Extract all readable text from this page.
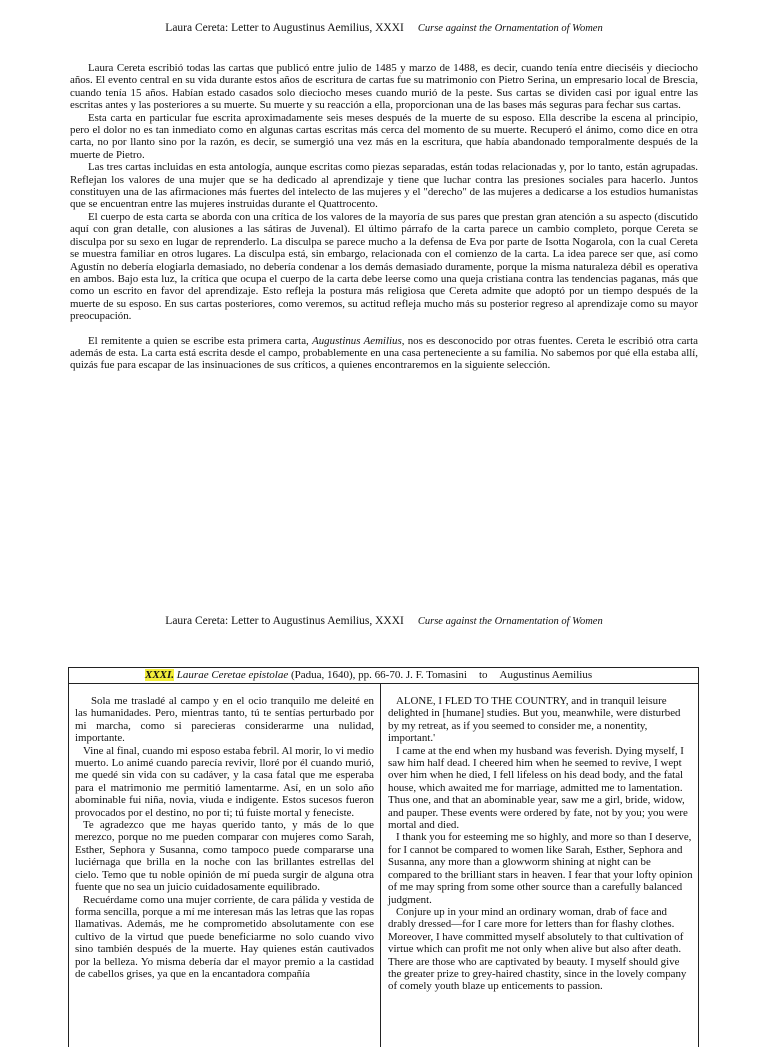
Laura Cereta: Letter to Augustinus Aemilius, XXXI Curse against the Ornamentation of Women

Laura Cereta escribió todas las cartas que publicó entre julio de 1485 y marzo de 1488, es decir, cuando tenía entre dieciséis y dieciocho años. El evento central en su vida durante estos años de escritura de cartas fue su matrimonio con Pietro Serina, un empresario local de Brescia, cuando tenía 15 años. Habían estado casados solo dieciocho meses cuando murió de la peste. Sus cartas se dividen casi por igual entre las escritas antes y las posteriores a su muerte. Su muerte y su reacción a ella, proporcionan una de las bases más seguras para fechar sus cartas.

Esta carta en particular fue escrita aproximadamente seis meses después de la muerte de su esposo. Ella describe la escena al principio, pero el dolor no es tan inmediato como en algunas cartas escritas más cerca del momento de su muerte. Recuperó el ánimo, como dice en otra carta, no por llanto sino por la razón, es decir, se sumergió una vez más en la escritura, que había abandonado temporalmente después de la muerte de Pietro.

Las tres cartas incluidas en esta antología, aunque escritas como piezas separadas, están todas relacionadas y, por lo tanto, están agrupadas. Reflejan los valores de una mujer que se ha dedicado al aprendizaje y tiene que luchar contra las presiones sociales para hacerlo. Juntos constituyen una de las afirmaciones más fuertes del intelecto de las mujeres y el "derecho" de las mujeres a dedicarse a los estudios humanistas que se encuentran entre las mujeres instruidas durante el Quattrocento.

El cuerpo de esta carta se aborda con una crítica de los valores de la mayoría de sus pares que prestan gran atención a su aspecto (discutido aquí con gran detalle, con alusiones a las sátiras de Juvenal). El último párrafo de la carta parece un cambio completo, porque Cereta se disculpa por su sexo en lugar de reprenderlo. La disculpa se parece mucho a la defensa de Eva por parte de Isotta Nogarola, con la cual Cereta se muestra familiar en otros lugares. La disculpa está, sin embargo, relacionada con el comienzo de la carta. La idea parece ser que, así como Agustín no debería elogiarla demasiado, no debería condenar a los demás demasiado duramente, porque la misma naturaleza débil es operativa en ambos. Bajo esta luz, la crítica que ocupa el cuerpo de la carta debe leerse como una queja cristiana contra las tendencias paganas, más que como un escrito en favor del aprendizaje. Esto refleja la postura más religiosa que Cereta admite que adoptó por un tiempo después de la muerte de su esposo. En sus cartas posteriores, como veremos, su actitud refleja mucho más su posterior regreso al aprendizaje como su mayor preocupación.

El remitente a quien se escribe esta primera carta, Augustinus Aemilius, nos es desconocido por otras fuentes. Cereta le escribió otra carta además de esta. La carta está escrita desde el campo, probablemente en una casa perteneciente a su familia. No sabemos por qué ella estaba allí, quizás fue para escapar de las insinuaciones de sus críticos, a quienes encontraremos en la siguiente selección.

Laura Cereta: Letter to Augustinus Aemilius, XXXI Curse against the Ornamentation of Women
XXXI. Laurae Ceretae epistolae (Padua, 1640), pp. 66-70. J. F. Tomasini to Augustinus Aemilius

Sola me trasladé al campo y en el ocio tranquilo me deleité en las humanidades. Pero, mientras tanto, tú te sentías perturbado por mi marcha, como si parecieras considerarme una nulidad, importante.

Vine al final, cuando mi esposo estaba febril. Al morir, lo vi medio muerto. Lo animé cuando parecía revivir, lloré por él cuando murió, me quedé sin vida con su cadáver, y la casa fatal que me esperaba para el matrimonio me permitió lamentarme. Así, en un solo año abominable fui niña, novia, viuda e indigente. Estos sucesos fueron provocados por el destino, no por ti; tú fuiste mortal y feneciste.

Te agradezco que me hayas querido tanto, y más de lo que merezco, porque no me pueden comparar con mujeres como Sarah, Esther, Sephora y Susanna, como tampoco puede compararse una luciérnaga que brilla en la noche con las brillantes estrellas del cielo. Temo que tu noble opinión de mí pueda surgir de alguna otra fuente que no sea un juicio cuidadosamente equilibrado.

Recuérdame como una mujer corriente, de cara pálida y vestida de forma sencilla, porque a mí me interesan más las letras que las ropas llamativas. Además, me he comprometido absolutamente con ese cultivo de la virtud que puede beneficiarme no solo cuando vivo sino también después de la muerte. Hay quienes están cautivados por la belleza. Yo misma debería dar el mayor premio a la castidad de cabellos grises, ya que en la encantadora compañía

ALONE, I FLED TO THE COUNTRY, and in tranquil leisure delighted in [humane] studies. But you, meanwhile, were disturbed by my retreat, as if you seemed to consider me, a nonentity, important.'

I came at the end when my husband was feverish. Dying myself, I saw him half dead. I cheered him when he seemed to revive, I wept over him when he died, I fell lifeless on his dead body, and the fatal house, which awaited me for marriage, admitted me to lamentation. Thus one, and that an abominable year, saw me a girl, bride, widow, and pauper. These events were ordered by fate, not by you; you were mortal and died.

I thank you for esteeming me so highly, and more so than I deserve, for I cannot be compared to women like Sarah, Esther, Sephora and Susanna, any more than a glowworm shining at night can be compared to the brilliant stars in heaven. I fear that your lofty opinion of me may spring from some other source than a carefully balanced judgment.

Conjure up in your mind an ordinary woman, drab of face and drably dressed—for I care more for letters than for flashy clothes. Moreover, I have committed myself absolutely to that cultivation of virtue which can profit me not only when alive but also after death. There are those who are captivated by beauty. I myself should give the greater prize to grey-haired chastity, since in the lovely company of comely youth blaze up enticements to passion.
